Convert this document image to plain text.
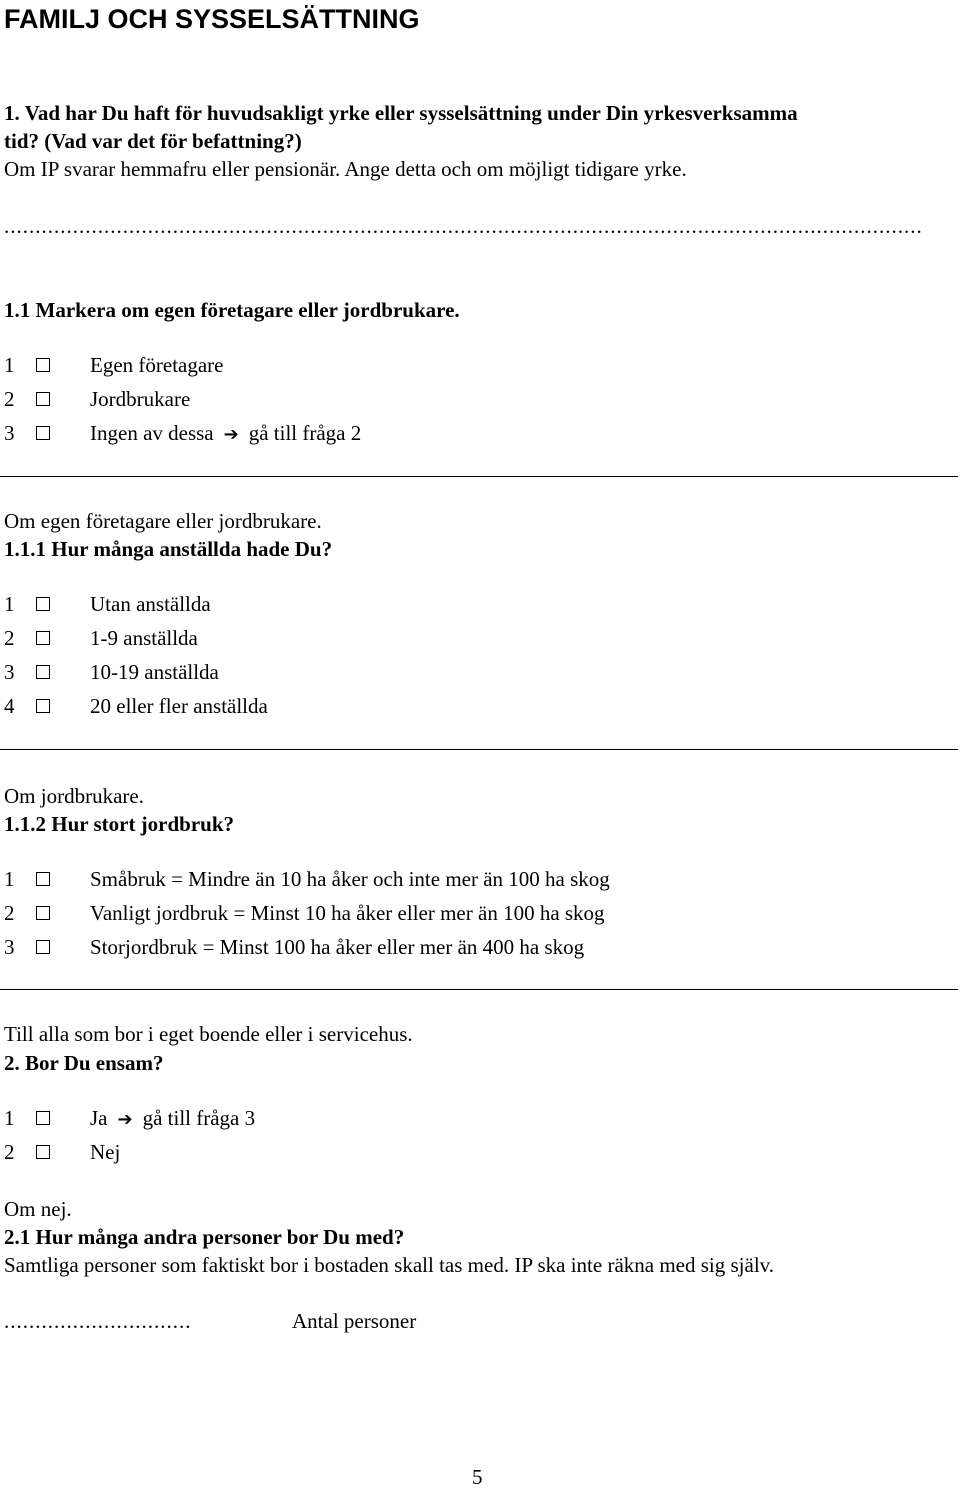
FAMILJ OCH SYSSELSÄTTNING
1. Vad har Du haft för huvudsakligt yrke eller sysselsättning under Din yrkesverksamma
tid? (Vad var det för befattning?)
Om IP svarar hemmafru eller pensionär. Ange detta och om möjligt tidigare yrke.
...................................................................................................................................................
1.1 Markera om egen företagare eller jordbrukare.
1	Egen företagare
2	Jordbrukare
3	Ingen av dessa ➔ gå till fråga 2
Om egen företagare eller jordbrukare.
1.1.1 Hur många anställda hade Du?
1	Utan anställda
2	1-9 anställda
3	10-19 anställda
4	20 eller fler anställda
Om jordbrukare.
1.1.2 Hur stort jordbruk?
1	Småbruk = Mindre än 10 ha åker och inte mer än 100 ha skog
2	Vanligt jordbruk = Minst 10 ha åker eller mer än 100 ha skog
3	Storjordbruk = Minst 100 ha åker eller mer än 400 ha skog
Till alla som bor i eget boende eller i servicehus.
2. Bor Du ensam?
1	Ja ➔ gå till fråga 3
2	Nej
Om nej.
2.1 Hur många andra personer bor Du med?
Samtliga personer som faktiskt bor i bostaden skall tas med. IP ska inte räkna med sig själv.
..............................	Antal personer
5
